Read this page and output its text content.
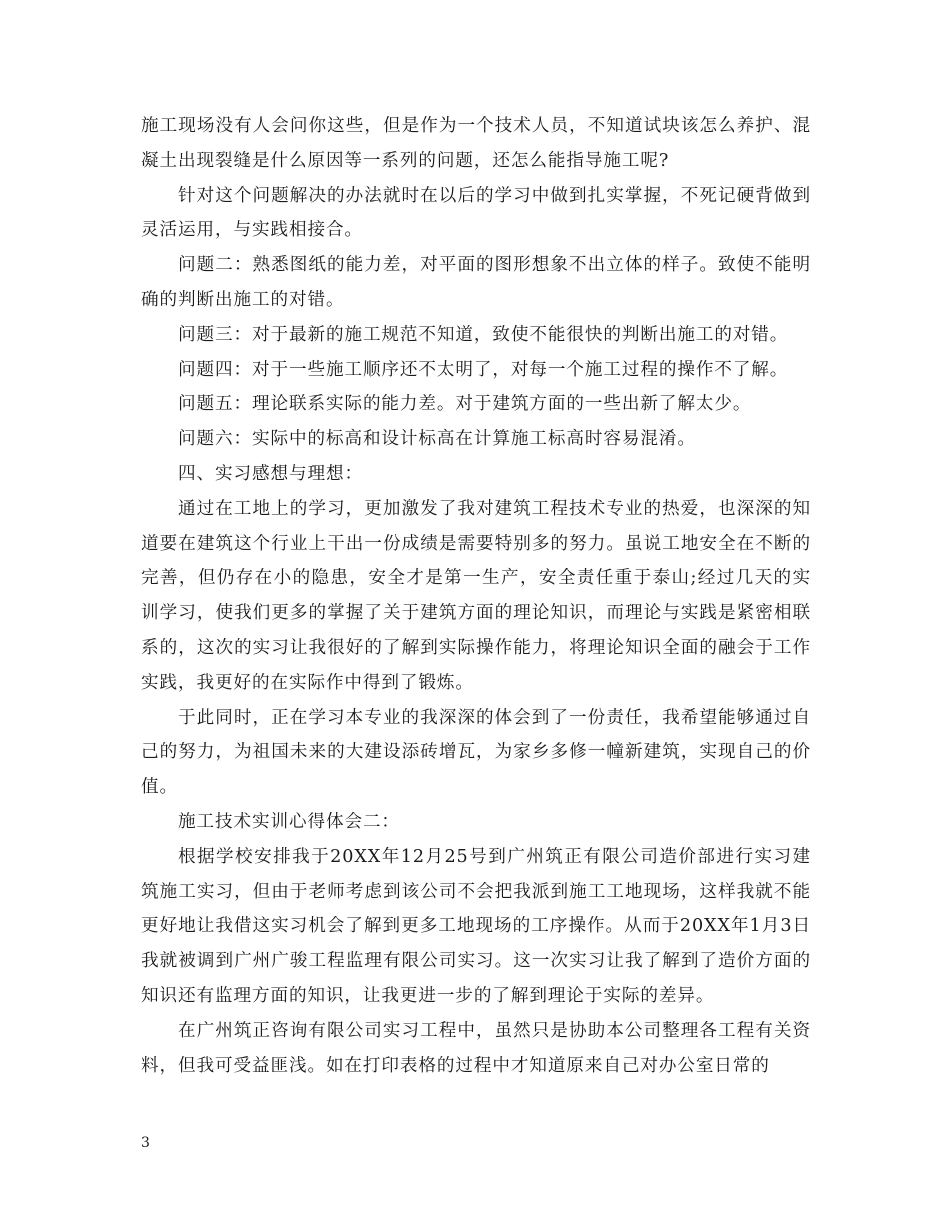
施工现场没有人会问你这些，但是作为一个技术人员，不知道试块该怎么养护、混凝土出现裂缝是什么原因等一系列的问题，还怎么能指导施工呢?

针对这个问题解决的办法就时在以后的学习中做到扎实掌握，不死记硬背做到灵活运用，与实践相接合。

问题二：熟悉图纸的能力差，对平面的图形想象不出立体的样子。致使不能明确的判断出施工的对错。

问题三：对于最新的施工规范不知道，致使不能很快的判断出施工的对错。

问题四：对于一些施工顺序还不太明了，对每一个施工过程的操作不了解。

问题五：理论联系实际的能力差。对于建筑方面的一些出新了解太少。

问题六：实际中的标高和设计标高在计算施工标高时容易混淆。

四、实习感想与理想：

通过在工地上的学习，更加激发了我对建筑工程技术专业的热爱，也深深的知道要在建筑这个行业上干出一份成绩是需要特别多的努力。虽说工地安全在不断的完善，但仍存在小的隐患，安全才是第一生产，安全责任重于泰山;经过几天的实训学习，使我们更多的掌握了关于建筑方面的理论知识，而理论与实践是紧密相联系的，这次的实习让我很好的了解到实际操作能力，将理论知识全面的融会于工作实践，我更好的在实际作中得到了锻炼。

于此同时，正在学习本专业的我深深的体会到了一份责任，我希望能够通过自己的努力，为祖国未来的大建设添砖增瓦，为家乡多修一幢新建筑，实现自己的价值。

施工技术实训心得体会二：

根据学校安排我于20XX年12月25号到广州筑正有限公司造价部进行实习建筑施工实习，但由于老师考虑到该公司不会把我派到施工工地现场，这样我就不能更好地让我借这实习机会了解到更多工地现场的工序操作。从而于20XX年1月3日我就被调到广州广骏工程监理有限公司实习。这一次实习让我了解到了造价方面的知识还有监理方面的知识，让我更进一步的了解到理论于实际的差异。

在广州筑正咨询有限公司实习工程中，虽然只是协助本公司整理各工程有关资料，但我可受益匪浅。如在打印表格的过程中才知道原来自己对办公室日常的

3
